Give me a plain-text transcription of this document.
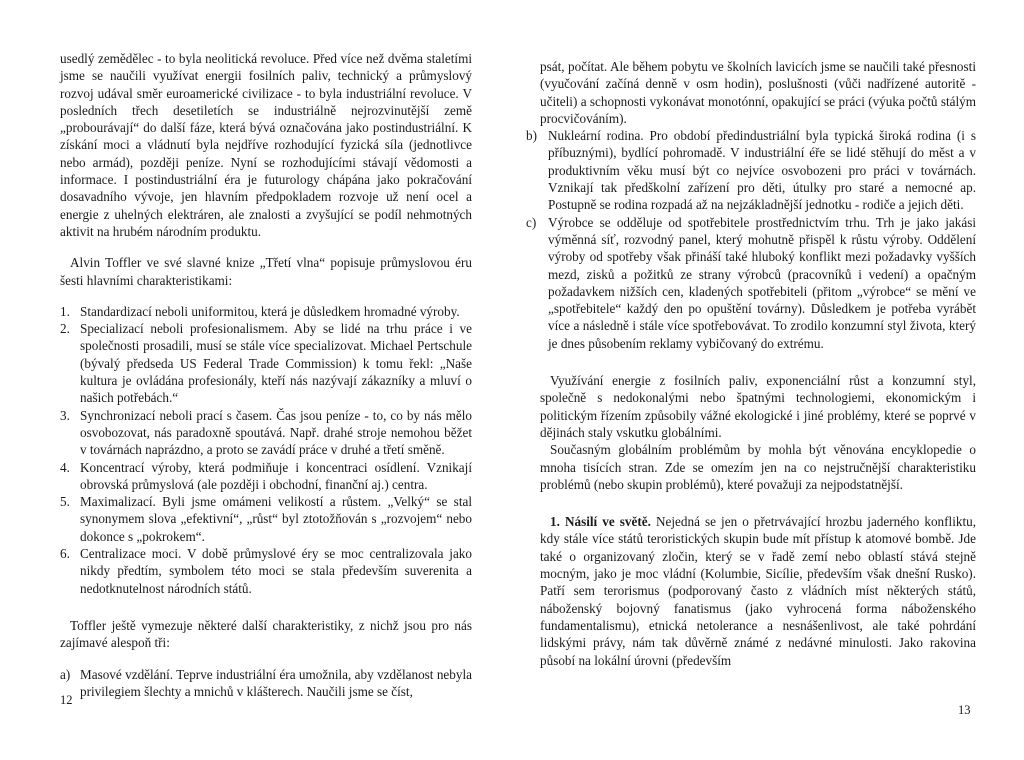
usedlý zemědělec - to byla neolitická revoluce. Před více než dvěma staletími jsme se naučili využívat energii fosilních paliv, technický a průmyslový rozvoj udával směr euroamerické civilizace - to byla industriální revoluce. V posledních třech desetiletích se industriálně nejrozvinutější země „probourávají“ do další fáze, která bývá označována jako postindustriální. K získání moci a vládnutí byla nejdříve rozhodující fyzická síla (jednotlivce nebo armád), později peníze. Nyní se rozhodujícími stávají vědomosti a informace. I postindustriální éra je futurology chápána jako pokračování dosavadního vývoje, jen hlavním předpokladem rozvoje už není ocel a energie z uhelných elektráren, ale znalosti a zvyšující se podíl nehmotných aktivit na hrubém národním produktu.

Alvin Toffler ve své slavné knize „Třetí vlna“ popisuje průmyslovou éru šesti hlavními charakteristikami:

1. Standardizací neboli uniformitou, která je důsledkem hromadné výroby.

2. Specializací neboli profesionalismem. Aby se lidé na trhu práce i ve společnosti prosadili, musí se stále více specializovat. Michael Pertschule (bývalý předseda US Federal Trade Commission) k tomu řekl: „Naše kultura je ovládána profesionály, kteří nás nazývají zákazníky a mluví o našich potřebách.“

3. Synchronizací neboli prací s časem. Čas jsou peníze - to, co by nás mělo osvobozovat, nás paradoxně spoutává. Např. drahé stroje nemohou běžet v továrnách naprázdno, a proto se zavádí práce v druhé a třetí směně.

4. Koncentrací výroby, která podmiňuje i koncentraci osídlení. Vznikají obrovská průmyslová (ale později i obchodní, finanční aj.) centra.

5. Maximalizací. Byli jsme omámeni velikostí a růstem. „Velký“ se stal synonymem slova „efektivní“, „růst“ byl ztotožňován s „rozvojem“ nebo dokonce s „pokrokem“.

6. Centralizace moci. V době průmyslové éry se moc centralizovala jako nikdy předtím, symbolem této moci se stala především suverenita a nedotknutelnost národních států.

Toffler ještě vymezuje některé další charakteristiky, z nichž jsou pro nás zajímavé alespoň tři:

a) Masové vzdělání. Teprve industriální éra umožnila, aby vzdělanost nebyla privilegiem šlechty a mnichů v klášterech. Naučili jsme se číst,

12

psát, počítat. Ale během pobytu ve školních lavicích jsme se naučili také přesnosti (vyučování začíná denně v osm hodin), poslušnosti (vůči nadřízené autoritě - učiteli) a schopnosti vykonávat monotónní, opakující se práci (výuka počtů stálým procvičováním).

b) Nukleární rodina. Pro období předindustriální byla typická široká rodina (i s příbuznými), bydlící pohromadě. V industriální éře se lidé stěhují do měst a v produktivním věku musí být co nejvíce osvobozeni pro práci v továrnách. Vznikají tak předškolní zařízení pro děti, útulky pro staré a nemocné ap. Postupně se rodina rozpadá až na nejzákladnější jednotku - rodiče a jejich děti.

c) Výrobce se odděluje od spotřebitele prostřednictvím trhu. Trh je jako jakási výměnná síť, rozvodný panel, který mohutně přispěl k růstu výroby. Oddělení výroby od spotřeby však přináší také hluboký konflikt mezi požadavky vyšších mezd, zisků a požitků ze strany výrobců (pracovníků i vedení) a opačným požadavkem nižších cen, kladených spotřebiteli (přitom „výrobce“ se mění ve „spotřebitele“ každý den po opuštění továrny). Důsledkem je potřeba vyrábět více a následně i stále více spotřebovávat. To zrodilo konzumní styl života, který je dnes působením reklamy vybičovaný do extrému.

Využívání energie z fosilních paliv, exponenciální růst a konzumní styl, společně s nedokonalými nebo špatnými technologiemi, ekonomickým i politickým řízením způsobily vážné ekologické i jiné problémy, které se poprvé v dějinách staly vskutku globálními.

Současným globálním problémům by mohla být věnována encyklopedie o mnoha tisících stran. Zde se omezím jen na co nejstručnější charakteristiku problémů (nebo skupin problémů), které považuji za nejpodstatnější.

1. Násilí ve světě. Nejedná se jen o přetrvávající hrozbu jaderného konfliktu, kdy stále více států teroristických skupin bude mít přístup k atomové bombě. Jde také o organizovaný zločin, který se v řadě zemí nebo oblastí stává stejně mocným, jako je moc vládní (Kolumbie, Sicílie, především však dnešní Rusko). Patří sem terorismus (podporovaný často z vládních míst některých států, náboženský bojovný fanatismus (jako vyhrocená forma náboženského fundamentalismu), etnická netolerance a nesnášenlivost, ale také pohrdání lidskými právy, nám tak důvěrně známé z nedávné minulosti. Jako rakovina působí na lokální úrovni (především

13
